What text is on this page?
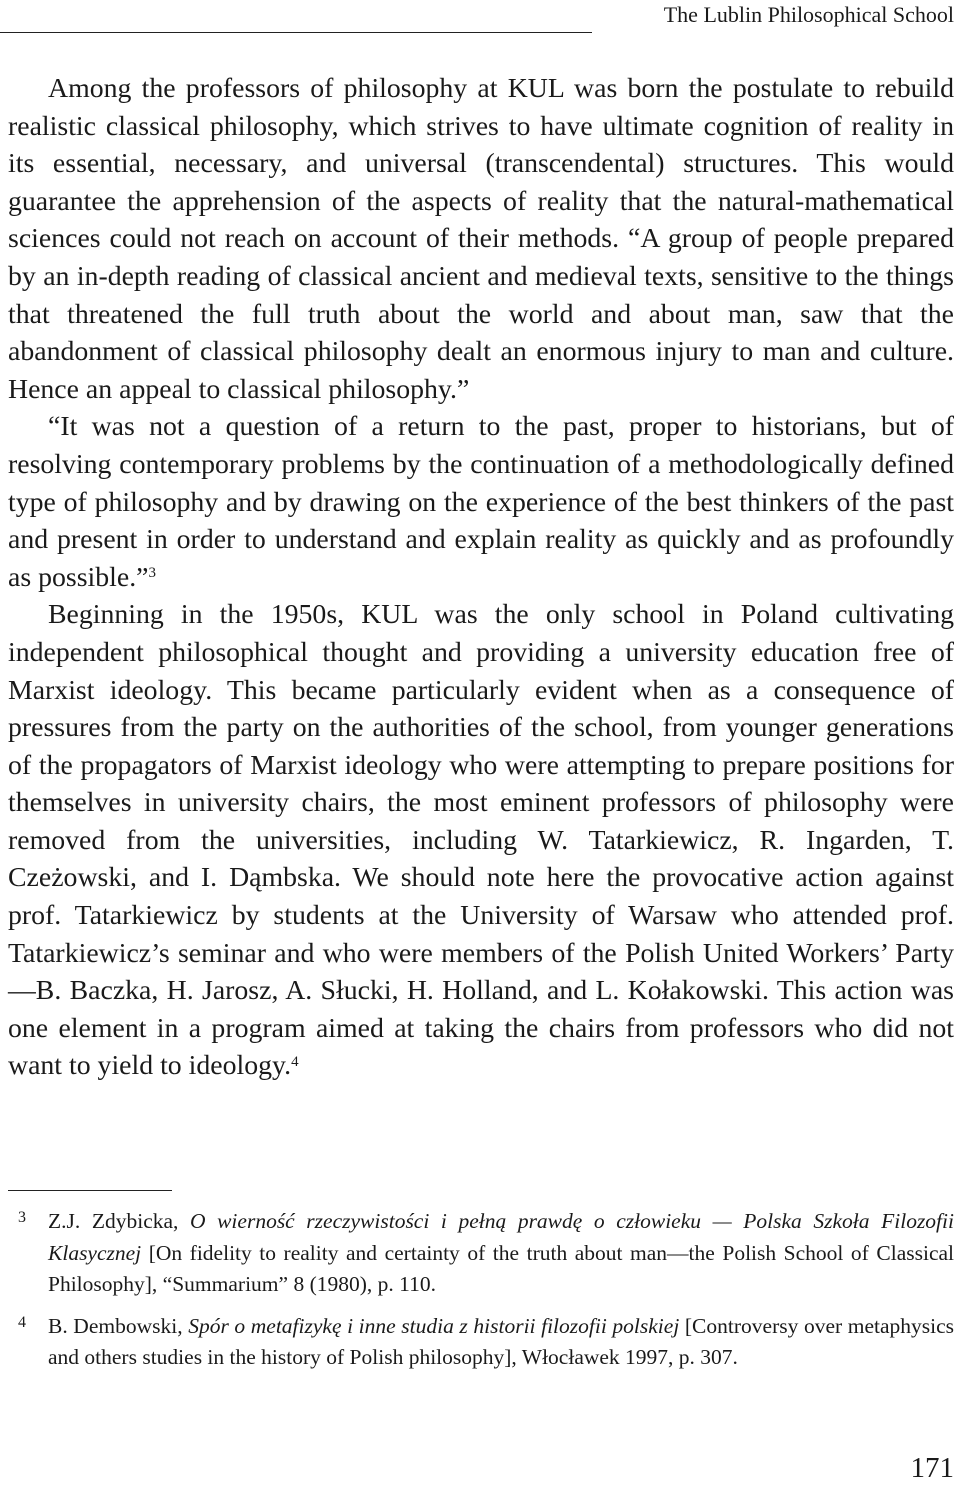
The Lublin Philosophical School

Among the professors of philosophy at KUL was born the postulate to rebuild realistic classical philosophy, which strives to have ultimate cognition of reality in its essential, necessary, and universal (transcendental) structures. This would guarantee the apprehension of the aspects of reality that the natural-mathematical sciences could not reach on account of their methods. “A group of people prepared by an in-depth reading of classical ancient and medieval texts, sensitive to the things that threatened the full truth about the world and about man, saw that the abandonment of classical philosophy dealt an enormous injury to man and culture. Hence an appeal to classical philosophy.”

“It was not a question of a return to the past, proper to historians, but of resolving contemporary problems by the continuation of a methodologically defined type of philosophy and by drawing on the experience of the best thinkers of the past and present in order to understand and explain reality as quickly and as profoundly as possible.”$^3$

Beginning in the 1950s, KUL was the only school in Poland cultivating independent philosophical thought and providing a university education free of Marxist ideology. This became particularly evident when as a consequence of pressures from the party on the authorities of the school, from younger generations of the propagators of Marxist ideology who were attempting to prepare positions for themselves in university chairs, the most eminent professors of philosophy were removed from the universities, including W. Tatarkiewicz, R. Ingarden, T. Czeżowski, and I. Dąmbska. We should note here the provocative action against prof. Tatarkiewicz by students at the University of Warsaw who attended prof. Tatarkiewicz’s seminar and who were members of the Polish United Workers’ Party—B. Baczka, H. Jarosz, A. Słucki, H. Holland, and L. Kołakowski. This action was one element in a program aimed at taking the chairs from professors who did not want to yield to ideology.$^4$

3 Z.J. Zdybicka, O wierność rzeczywistości i pełną prawdę o człowieku — Polska Szkoła Filozofii Klasycznej [On fidelity to reality and certainty of the truth about man—the Polish School of Classical Philosophy], “Summarium” 8 (1980), p. 110.
4 B. Dembowski, Spór o metafizykę i inne studia z historii filozofii polskiej [Controversy over metaphysics and others studies in the history of Polish philosophy], Włocławek 1997, p. 307.
171
